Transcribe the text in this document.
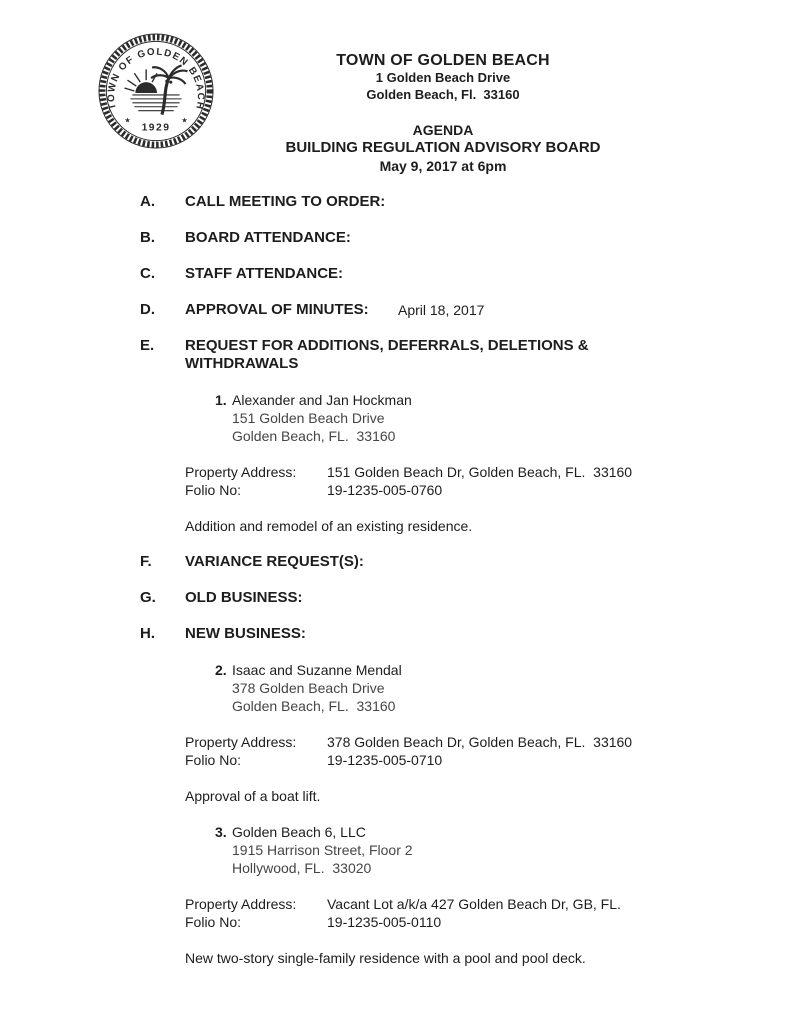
TOWN OF GOLDEN BEACH
1929
★	★
TOWN OF GOLDEN BEACH
1 Golden Beach Drive
Golden Beach, Fl.  33160
AGENDA
BUILDING REGULATION ADVISORY BOARD
May 9, 2017 at 6pm
A.	CALL MEETING TO ORDER:
B.	BOARD ATTENDANCE:
C.	STAFF ATTENDANCE:
D.	APPROVAL OF MINUTES:	April 18, 2017
E.	REQUEST FOR ADDITIONS, DEFERRALS, DELETIONS & WITHDRAWALS
1. Alexander and Jan Hockman
151 Golden Beach Drive
Golden Beach, FL.  33160
Property Address:	151 Golden Beach Dr, Golden Beach, FL.  33160
Folio No:	19-1235-005-0760
Addition and remodel of an existing residence.
F.	VARIANCE REQUEST(S):
G.	OLD BUSINESS:
H.	NEW BUSINESS:
2. Isaac and Suzanne Mendal
378 Golden Beach Drive
Golden Beach, FL.  33160
Property Address:	378 Golden Beach Dr, Golden Beach, FL.  33160
Folio No:	19-1235-005-0710
Approval of a boat lift.
3. Golden Beach 6, LLC
1915 Harrison Street, Floor 2
Hollywood, FL.  33020
Property Address:	Vacant Lot a/k/a 427 Golden Beach Dr, GB, FL.
Folio No:	19-1235-005-0110
New two-story single-family residence with a pool and pool deck.
